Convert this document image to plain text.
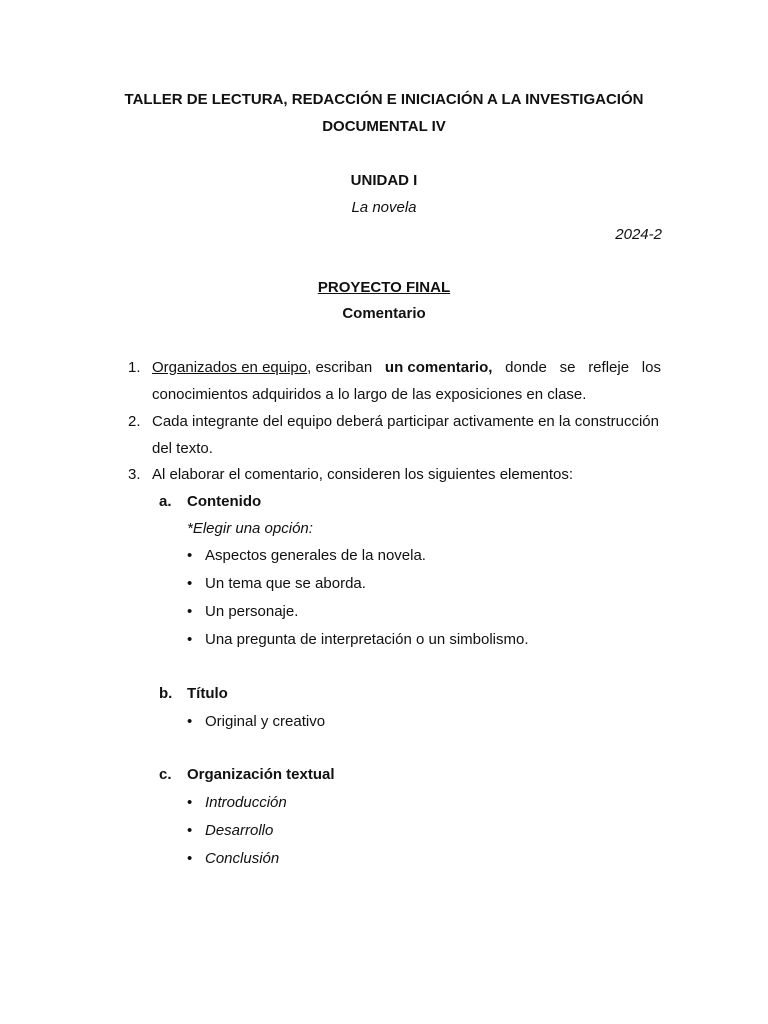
TALLER DE LECTURA, REDACCIÓN E INICIACIÓN A LA INVESTIGACIÓN
DOCUMENTAL IV
UNIDAD I
La novela
2024-2
PROYECTO FINAL
Comentario
1. Organizados en equipo, escriban un comentario, donde se refleje los
conocimientos adquiridos a lo largo de las exposiciones en clase.
2. Cada integrante del equipo deberá participar activamente en la construcción
del texto.
3. Al elaborar el comentario, consideren los siguientes elementos:
a. Contenido
*Elegir una opción:
• Aspectos generales de la novela.
• Un tema que se aborda.
• Un personaje.
• Una pregunta de interpretación o un simbolismo.
b. Título
• Original y creativo
c. Organización textual
• Introducción
• Desarrollo
• Conclusión
